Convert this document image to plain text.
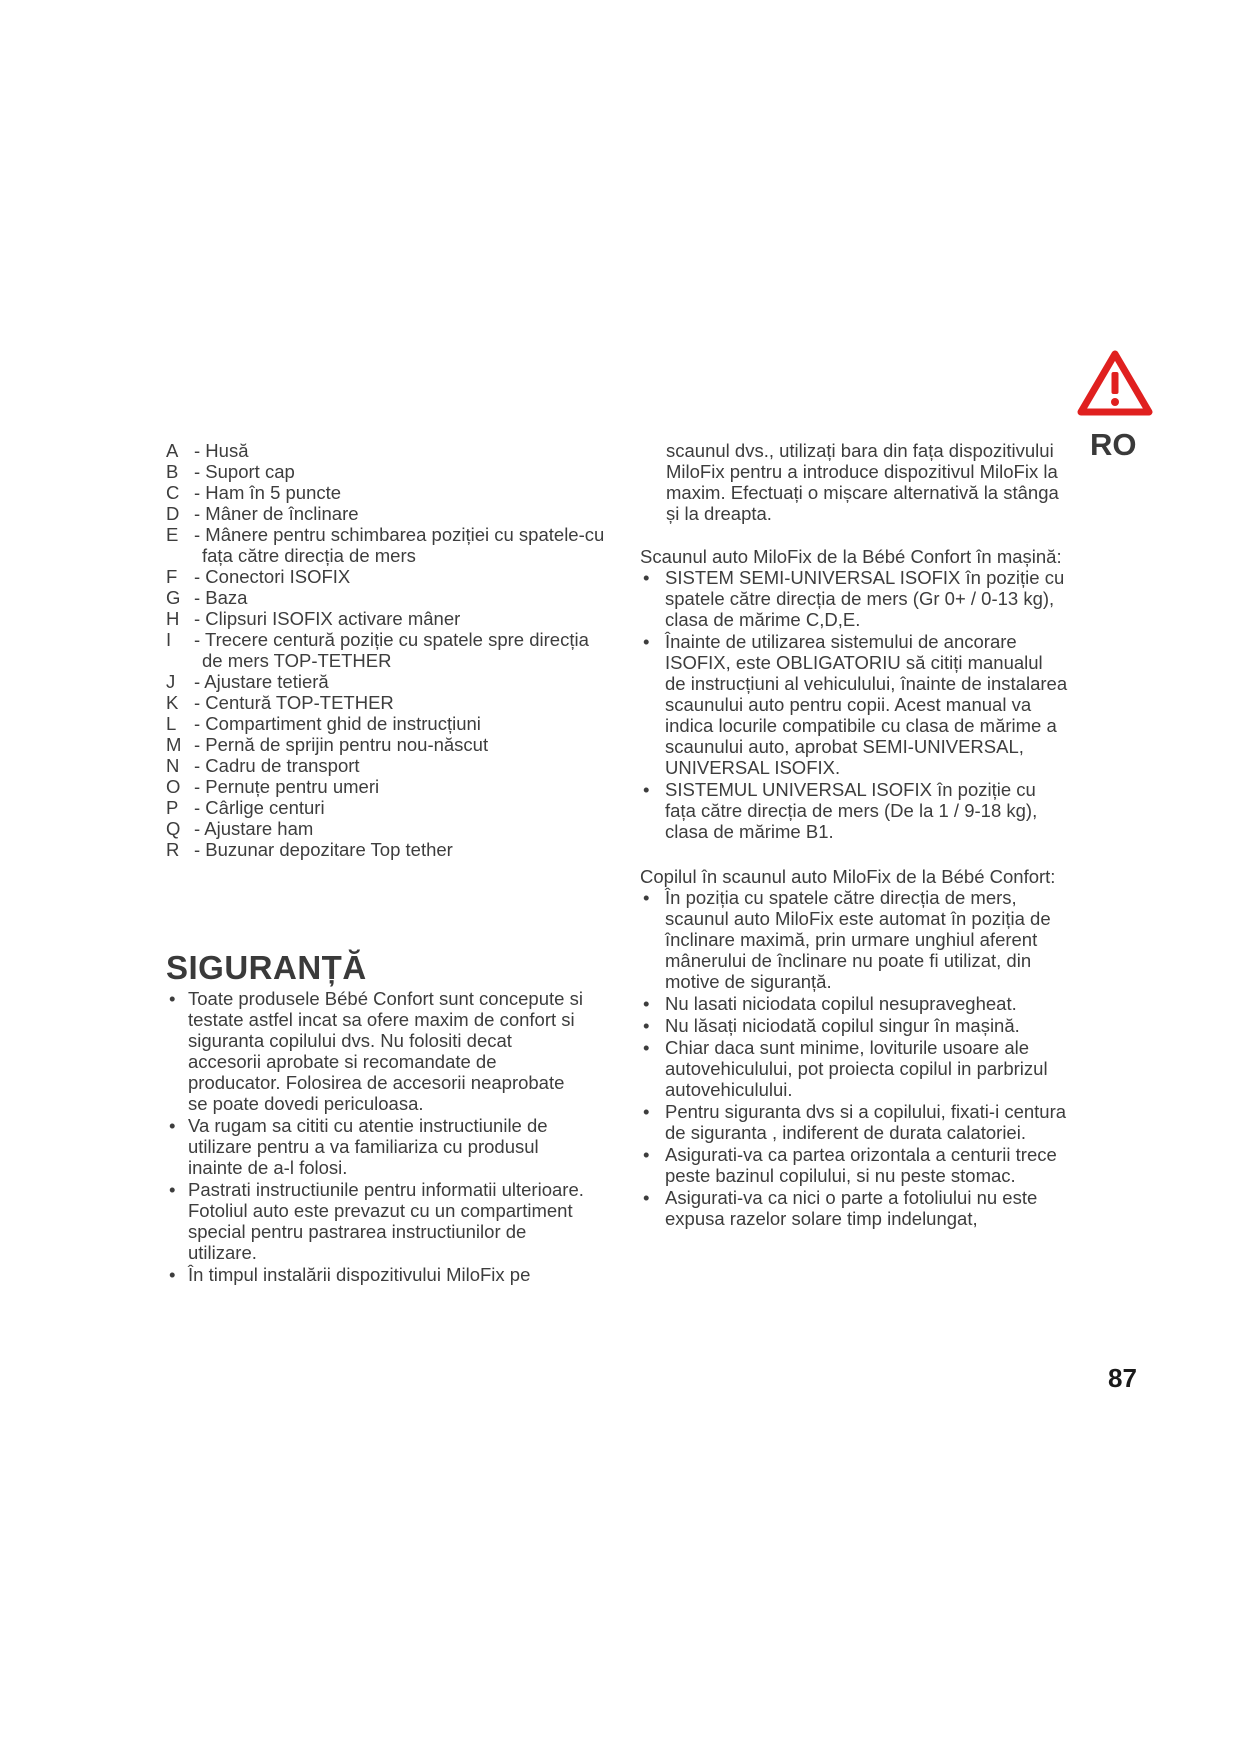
RO

A - Husă
B - Suport cap
C - Ham în 5 puncte
D - Mâner de înclinare
E - Mânere pentru schimbarea poziției cu spatele-cu fața către direcția de mers
F - Conectori ISOFIX
G - Baza
H - Clipsuri ISOFIX activare mâner
I	- Trecere centură poziție cu spatele spre direcția de mers TOP-TETHER
J	- Ajustare tetieră
K - Centură TOP-TETHER
L - Compartiment ghid de instrucțiuni
M - Pernă de sprijin pentru nou-născut
N - Cadru de transport
O - Pernuțe pentru umeri
P - Cârlige centuri
Q - Ajustare ham
R - Buzunar depozitare Top tether
SIGURANȚĂ
• Toate produsele Bébé Confort sunt concepute si testate astfel incat sa ofere maxim de confort si siguranta copilului dvs. Nu folositi decat accesorii aprobate si recomandate de producator. Folosirea de accesorii neaprobate se poate dovedi periculoasa.
• Va rugam sa cititi cu atentie instructiunile de utilizare pentru a va familiariza cu produsul inainte de a-l folosi.
• Pastrati instructiunile pentru informatii ulterioare. Fotoliul auto este prevazut cu un compartiment special pentru pastrarea instructiunilor de utilizare.
• În timpul instalării dispozitivului MiloFix pe

scaunul dvs., utilizați bara din fața dispozitivului MiloFix pentru a introduce dispozitivul MiloFix la maxim. Efectuați o mișcare alternativă la stânga și la dreapta.

Scaunul auto MiloFix de la Bébé Confort în mașină:

• SISTEM SEMI-UNIVERSAL ISOFIX în poziție cu spatele către direcția de mers (Gr 0+ / 0-13 kg), clasa de mărime C,D,E.
• Înainte de utilizarea sistemului de ancorare ISOFIX, este OBLIGATORIU să citiți manualul de instrucțiuni al vehiculului, înainte de instalarea scaunului auto pentru copii. Acest manual va indica locurile compatibile cu clasa de mărime a scaunului auto, aprobat SEMI-UNIVERSAL, UNIVERSAL ISOFIX.
• SISTEMUL UNIVERSAL ISOFIX în poziție cu fața către direcția de mers (De la 1 / 9-18 kg), clasa de mărime B1.

Copilul în scaunul auto MiloFix de la Bébé Confort:

• În poziția cu spatele către direcția de mers, scaunul auto MiloFix este automat în poziția de înclinare maximă, prin urmare unghiul aferent mânerului de înclinare nu poate fi utilizat, din motive de siguranță.
• Nu lasati niciodata copilul nesupravegheat.
• Nu lăsați niciodată copilul singur în mașină.
• Chiar daca sunt minime, loviturile usoare ale autovehiculului, pot proiecta copilul in parbrizul autovehiculului.
• Pentru siguranta dvs si a copilului, fixati-i centura de siguranta , indiferent de durata calatoriei.
• Asigurati-va ca partea orizontala a centurii trece peste bazinul copilului, si nu peste stomac.
• Asigurati-va ca nici o parte a fotoliului nu este expusa razelor solare timp indelungat,

87
